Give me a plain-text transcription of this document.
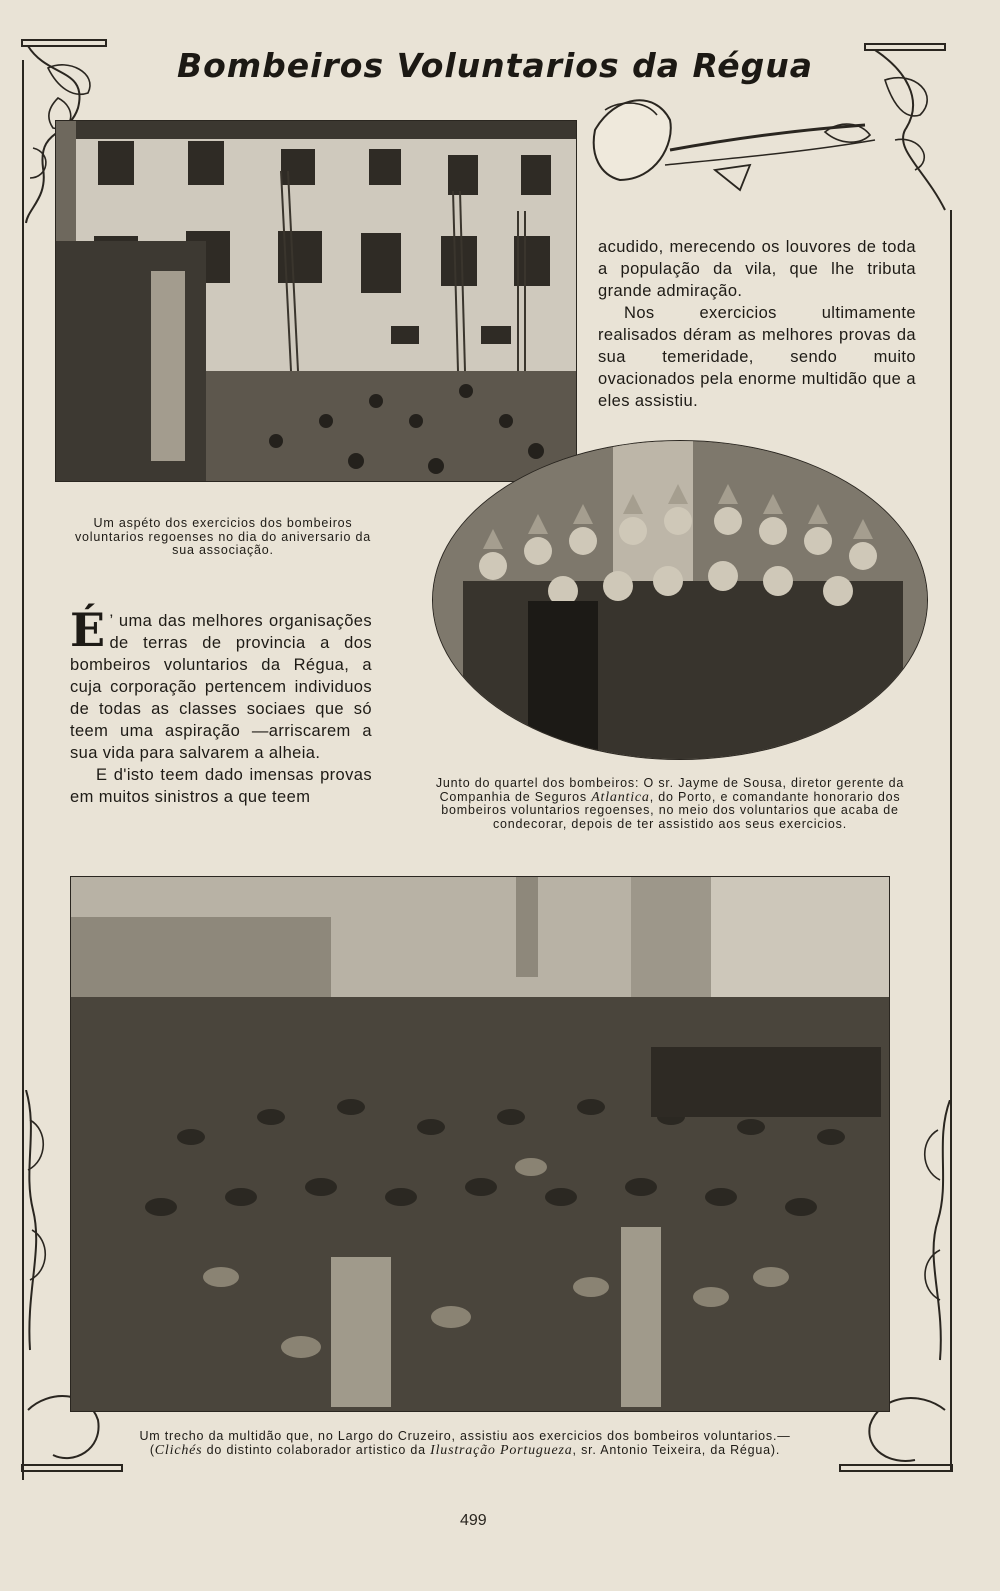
Bombeiros Voluntarios da Régua

acudido, merecendo os louvores de toda a população da vila, que lhe tributa grande admiração.

Nos exercicios ultimamente realisados déram as melhores provas da sua temeridade, sendo muito ovacionados pela enorme multidão que a eles assistiu.

Um aspéto dos exercicios dos bombeiros voluntarios regoenses no dia do aniversario da sua associação.

É ’ uma das melhores organisações de terras de provincia a dos bombeiros voluntarios da Régua, a cuja corporação pertencem individuos de todas as classes sociaes que só teem uma aspiração —arriscarem a sua vida para salvarem a alheia.

E d'isto teem dado imensas provas em muitos sinistros a que teem

Junto do quartel dos bombeiros: O sr. Jayme de Sousa, diretor gerente da Companhia de Seguros Atlantica, do Porto, e comandante honorario dos bombeiros voluntarios regoenses, no meio dos voluntarios que acaba de condecorar, depois de ter assistido aos seus exercicios.
Um trecho da multidão que, no Largo do Cruzeiro, assistiu aos exercicios dos bombeiros voluntarios.—(Clichés do distinto colaborador artistico da Ilustração Portugueza, sr. Antonio Teixeira, da Régua).
499
